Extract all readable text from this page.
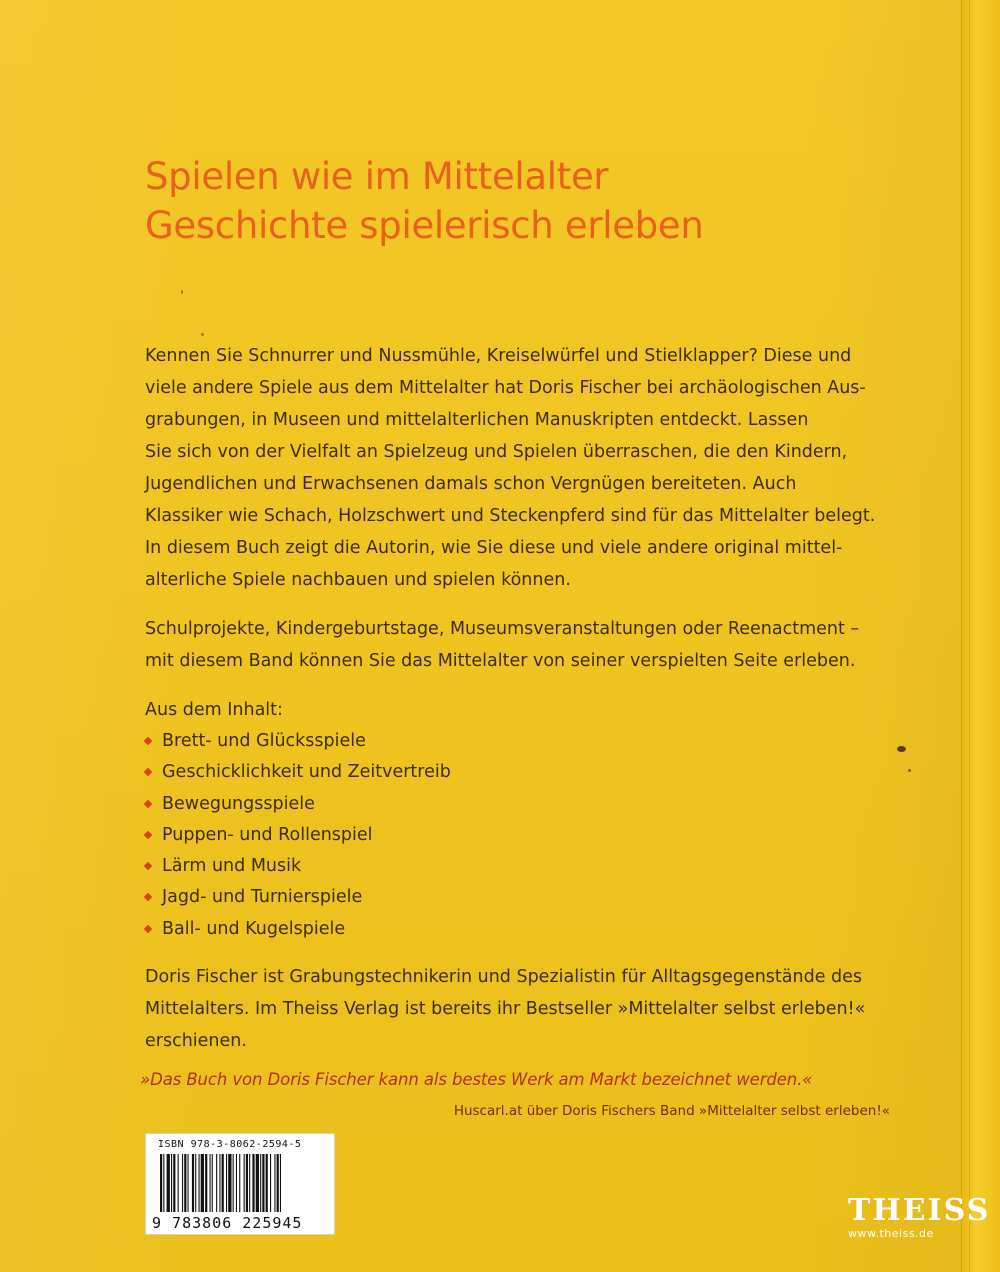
Spielen wie im Mittelalter
Geschichte spielerisch erleben
Kennen Sie Schnurrer und Nussmühle, Kreiselwürfel und Stielklapper? Diese und
viele andere Spiele aus dem Mittelalter hat Doris Fischer bei archäologischen Aus-
grabungen, in Museen und mittelalterlichen Manuskripten entdeckt. Lassen
Sie sich von der Vielfalt an Spielzeug und Spielen überraschen, die den Kindern,
Jugendlichen und Erwachsenen damals schon Vergnügen bereiteten. Auch
Klassiker wie Schach, Holzschwert und Steckenpferd sind für das Mittelalter belegt.
In diesem Buch zeigt die Autorin, wie Sie diese und viele andere original mittel-
alterliche Spiele nachbauen und spielen können.
Schulprojekte, Kindergeburtstage, Museumsveranstaltungen oder Reenactment –
mit diesem Band können Sie das Mittelalter von seiner verspielten Seite erleben.
Aus dem Inhalt:
Brett- und Glücksspiele
Geschicklichkeit und Zeitvertreib
Bewegungsspiele
Puppen- und Rollenspiel
Lärm und Musik
Jagd- und Turnierspiele
Ball- und Kugelspiele
Doris Fischer ist Grabungstechnikerin und Spezialistin für Alltagsgegenstände des
Mittelalters. Im Theiss Verlag ist bereits ihr Bestseller »Mittelalter selbst erleben!«
erschienen.
»Das Buch von Doris Fischer kann als bestes Werk am Markt bezeichnet werden.«
Huscarl.at über Doris Fischers Band »Mittelalter selbst erleben!«
ISBN 978-3-8062-2594-5
9 783806 225945	THEISS
www.theiss.de
